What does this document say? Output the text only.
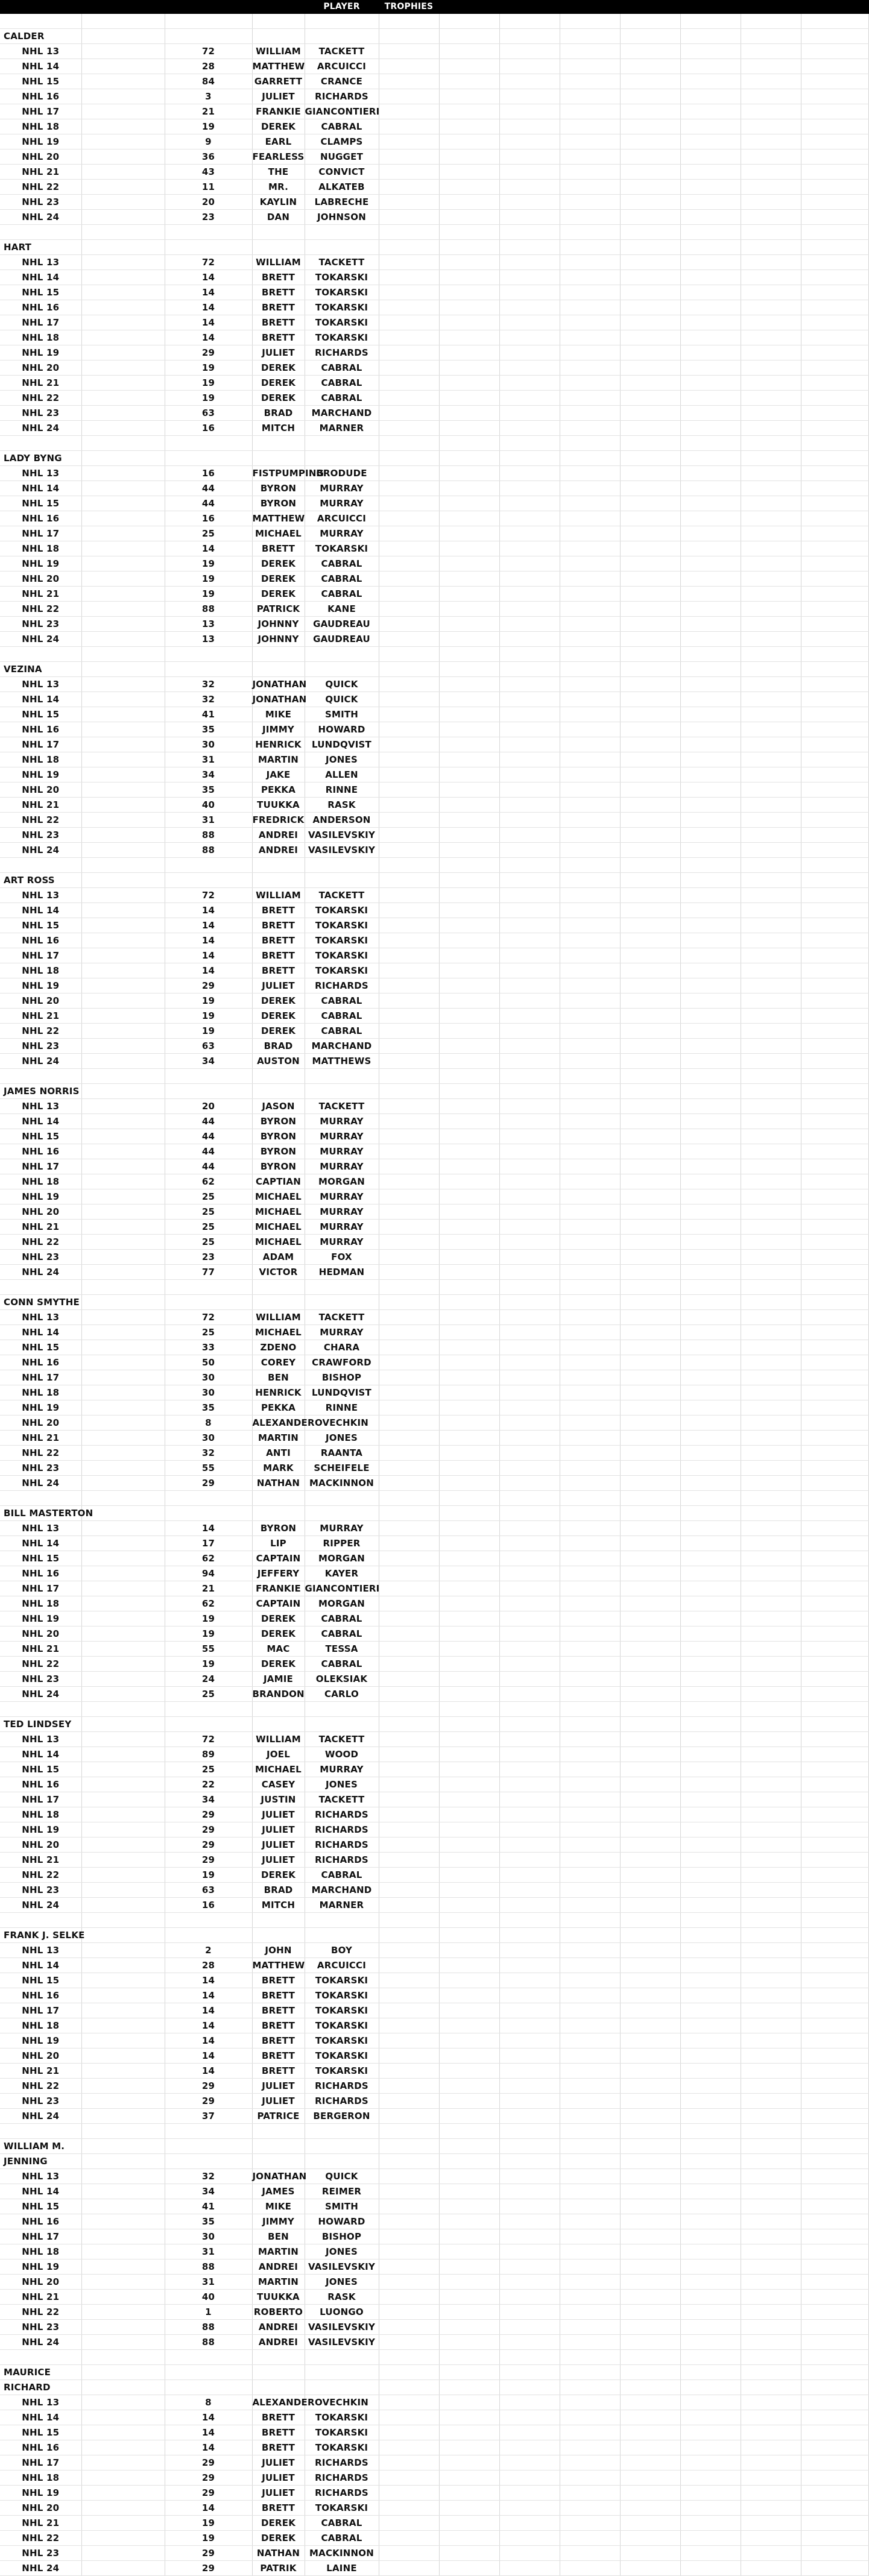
				PLAYER	TROPHIES							

CALDER												
NHL 13		72	WILLIAM	TACKETT								
NHL 14		28	MATTHEW	ARCUICCI								
NHL 15		84	GARRETT	CRANCE								
NHL 16		3	JULIET	RICHARDS								
NHL 17		21	FRANKIE	GIANCONTIERI								
NHL 18		19	DEREK	CABRAL								
NHL 19		9	EARL	CLAMPS								
NHL 20		36	FEARLESS	NUGGET								
NHL 21		43	THE	CONVICT								
NHL 22		11	MR.	ALKATEB								
NHL 23		20	KAYLIN	LABRECHE								
NHL 24		23	DAN	JOHNSON								

HART												
NHL 13		72	WILLIAM	TACKETT								
NHL 14		14	BRETT	TOKARSKI								
NHL 15		14	BRETT	TOKARSKI								
NHL 16		14	BRETT	TOKARSKI								
NHL 17		14	BRETT	TOKARSKI								
NHL 18		14	BRETT	TOKARSKI								
NHL 19		29	JULIET	RICHARDS								
NHL 20		19	DEREK	CABRAL								
NHL 21		19	DEREK	CABRAL								
NHL 22		19	DEREK	CABRAL								
NHL 23		63	BRAD	MARCHAND								
NHL 24		16	MITCH	MARNER								

LADY BYNG												
NHL 13		16	FISTPUMPING	BRODUDE								
NHL 14		44	BYRON	MURRAY								
NHL 15		44	BYRON	MURRAY								
NHL 16		16	MATTHEW	ARCUICCI								
NHL 17		25	MICHAEL	MURRAY								
NHL 18		14	BRETT	TOKARSKI								
NHL 19		19	DEREK	CABRAL								
NHL 20		19	DEREK	CABRAL								
NHL 21		19	DEREK	CABRAL								
NHL 22		88	PATRICK	KANE								
NHL 23		13	JOHNNY	GAUDREAU								
NHL 24		13	JOHNNY	GAUDREAU								

VEZINA												
NHL 13		32	JONATHAN	QUICK								
NHL 14		32	JONATHAN	QUICK								
NHL 15		41	MIKE	SMITH								
NHL 16		35	JIMMY	HOWARD								
NHL 17		30	HENRICK	LUNDQVIST								
NHL 18		31	MARTIN	JONES								
NHL 19		34	JAKE	ALLEN								
NHL 20		35	PEKKA	RINNE								
NHL 21		40	TUUKKA	RASK								
NHL 22		31	FREDRICK	ANDERSON								
NHL 23		88	ANDREI	VASILEVSKIY								
NHL 24		88	ANDREI	VASILEVSKIY								

ART ROSS												
NHL 13		72	WILLIAM	TACKETT								
NHL 14		14	BRETT	TOKARSKI								
NHL 15		14	BRETT	TOKARSKI								
NHL 16		14	BRETT	TOKARSKI								
NHL 17		14	BRETT	TOKARSKI								
NHL 18		14	BRETT	TOKARSKI								
NHL 19		29	JULIET	RICHARDS								
NHL 20		19	DEREK	CABRAL								
NHL 21		19	DEREK	CABRAL								
NHL 22		19	DEREK	CABRAL								
NHL 23		63	BRAD	MARCHAND								
NHL 24		34	AUSTON	MATTHEWS								

JAMES NORRIS												
NHL 13		20	JASON	TACKETT								
NHL 14		44	BYRON	MURRAY								
NHL 15		44	BYRON	MURRAY								
NHL 16		44	BYRON	MURRAY								
NHL 17		44	BYRON	MURRAY								
NHL 18		62	CAPTIAN	MORGAN								
NHL 19		25	MICHAEL	MURRAY								
NHL 20		25	MICHAEL	MURRAY								
NHL 21		25	MICHAEL	MURRAY								
NHL 22		25	MICHAEL	MURRAY								
NHL 23		23	ADAM	FOX								
NHL 24		77	VICTOR	HEDMAN								

CONN SMYTHE												
NHL 13		72	WILLIAM	TACKETT								
NHL 14		25	MICHAEL	MURRAY								
NHL 15		33	ZDENO	CHARA								
NHL 16		50	COREY	CRAWFORD								
NHL 17		30	BEN	BISHOP								
NHL 18		30	HENRICK	LUNDQVIST								
NHL 19		35	PEKKA	RINNE								
NHL 20		8	ALEXANDER	OVECHKIN								
NHL 21		30	MARTIN	JONES								
NHL 22		32	ANTI	RAANTA								
NHL 23		55	MARK	SCHEIFELE								
NHL 24		29	NATHAN	MACKINNON								

BILL MASTERTON												
NHL 13		14	BYRON	MURRAY								
NHL 14		17	LIP	RIPPER								
NHL 15		62	CAPTAIN	MORGAN								
NHL 16		94	JEFFERY	KAYER								
NHL 17		21	FRANKIE	GIANCONTIERI								
NHL 18		62	CAPTAIN	MORGAN								
NHL 19		19	DEREK	CABRAL								
NHL 20		19	DEREK	CABRAL								
NHL 21		55	MAC	TESSA								
NHL 22		19	DEREK	CABRAL								
NHL 23		24	JAMIE	OLEKSIAK								
NHL 24		25	BRANDON	CARLO								

TED LINDSEY												
NHL 13		72	WILLIAM	TACKETT								
NHL 14		89	JOEL	WOOD								
NHL 15		25	MICHAEL	MURRAY								
NHL 16		22	CASEY	JONES								
NHL 17		34	JUSTIN	TACKETT								
NHL 18		29	JULIET	RICHARDS								
NHL 19		29	JULIET	RICHARDS								
NHL 20		29	JULIET	RICHARDS								
NHL 21		29	JULIET	RICHARDS								
NHL 22		19	DEREK	CABRAL								
NHL 23		63	BRAD	MARCHAND								
NHL 24		16	MITCH	MARNER								

FRANK J. SELKE												
NHL 13		2	JOHN	BOY								
NHL 14		28	MATTHEW	ARCUICCI								
NHL 15		14	BRETT	TOKARSKI								
NHL 16		14	BRETT	TOKARSKI								
NHL 17		14	BRETT	TOKARSKI								
NHL 18		14	BRETT	TOKARSKI								
NHL 19		14	BRETT	TOKARSKI								
NHL 20		14	BRETT	TOKARSKI								
NHL 21		14	BRETT	TOKARSKI								
NHL 22		29	JULIET	RICHARDS								
NHL 23		29	JULIET	RICHARDS								
NHL 24		37	PATRICE	BERGERON								

WILLIAM M.												
JENNING												
NHL 13		32	JONATHAN	QUICK								
NHL 14		34	JAMES	REIMER								
NHL 15		41	MIKE	SMITH								
NHL 16		35	JIMMY	HOWARD								
NHL 17		30	BEN	BISHOP								
NHL 18		31	MARTIN	JONES								
NHL 19		88	ANDREI	VASILEVSKIY								
NHL 20		31	MARTIN	JONES								
NHL 21		40	TUUKKA	RASK								
NHL 22		1	ROBERTO	LUONGO								
NHL 23		88	ANDREI	VASILEVSKIY								
NHL 24		88	ANDREI	VASILEVSKIY								

MAURICE												
RICHARD												
NHL 13		8	ALEXANDER	OVECHKIN								
NHL 14		14	BRETT	TOKARSKI								
NHL 15		14	BRETT	TOKARSKI								
NHL 16		14	BRETT	TOKARSKI								
NHL 17		29	JULIET	RICHARDS								
NHL 18		29	JULIET	RICHARDS								
NHL 19		29	JULIET	RICHARDS								
NHL 20		14	BRETT	TOKARSKI								
NHL 21		19	DEREK	CABRAL								
NHL 22		19	DEREK	CABRAL								
NHL 23		29	NATHAN	MACKINNON								
NHL 24		29	PATRIK	LAINE								
